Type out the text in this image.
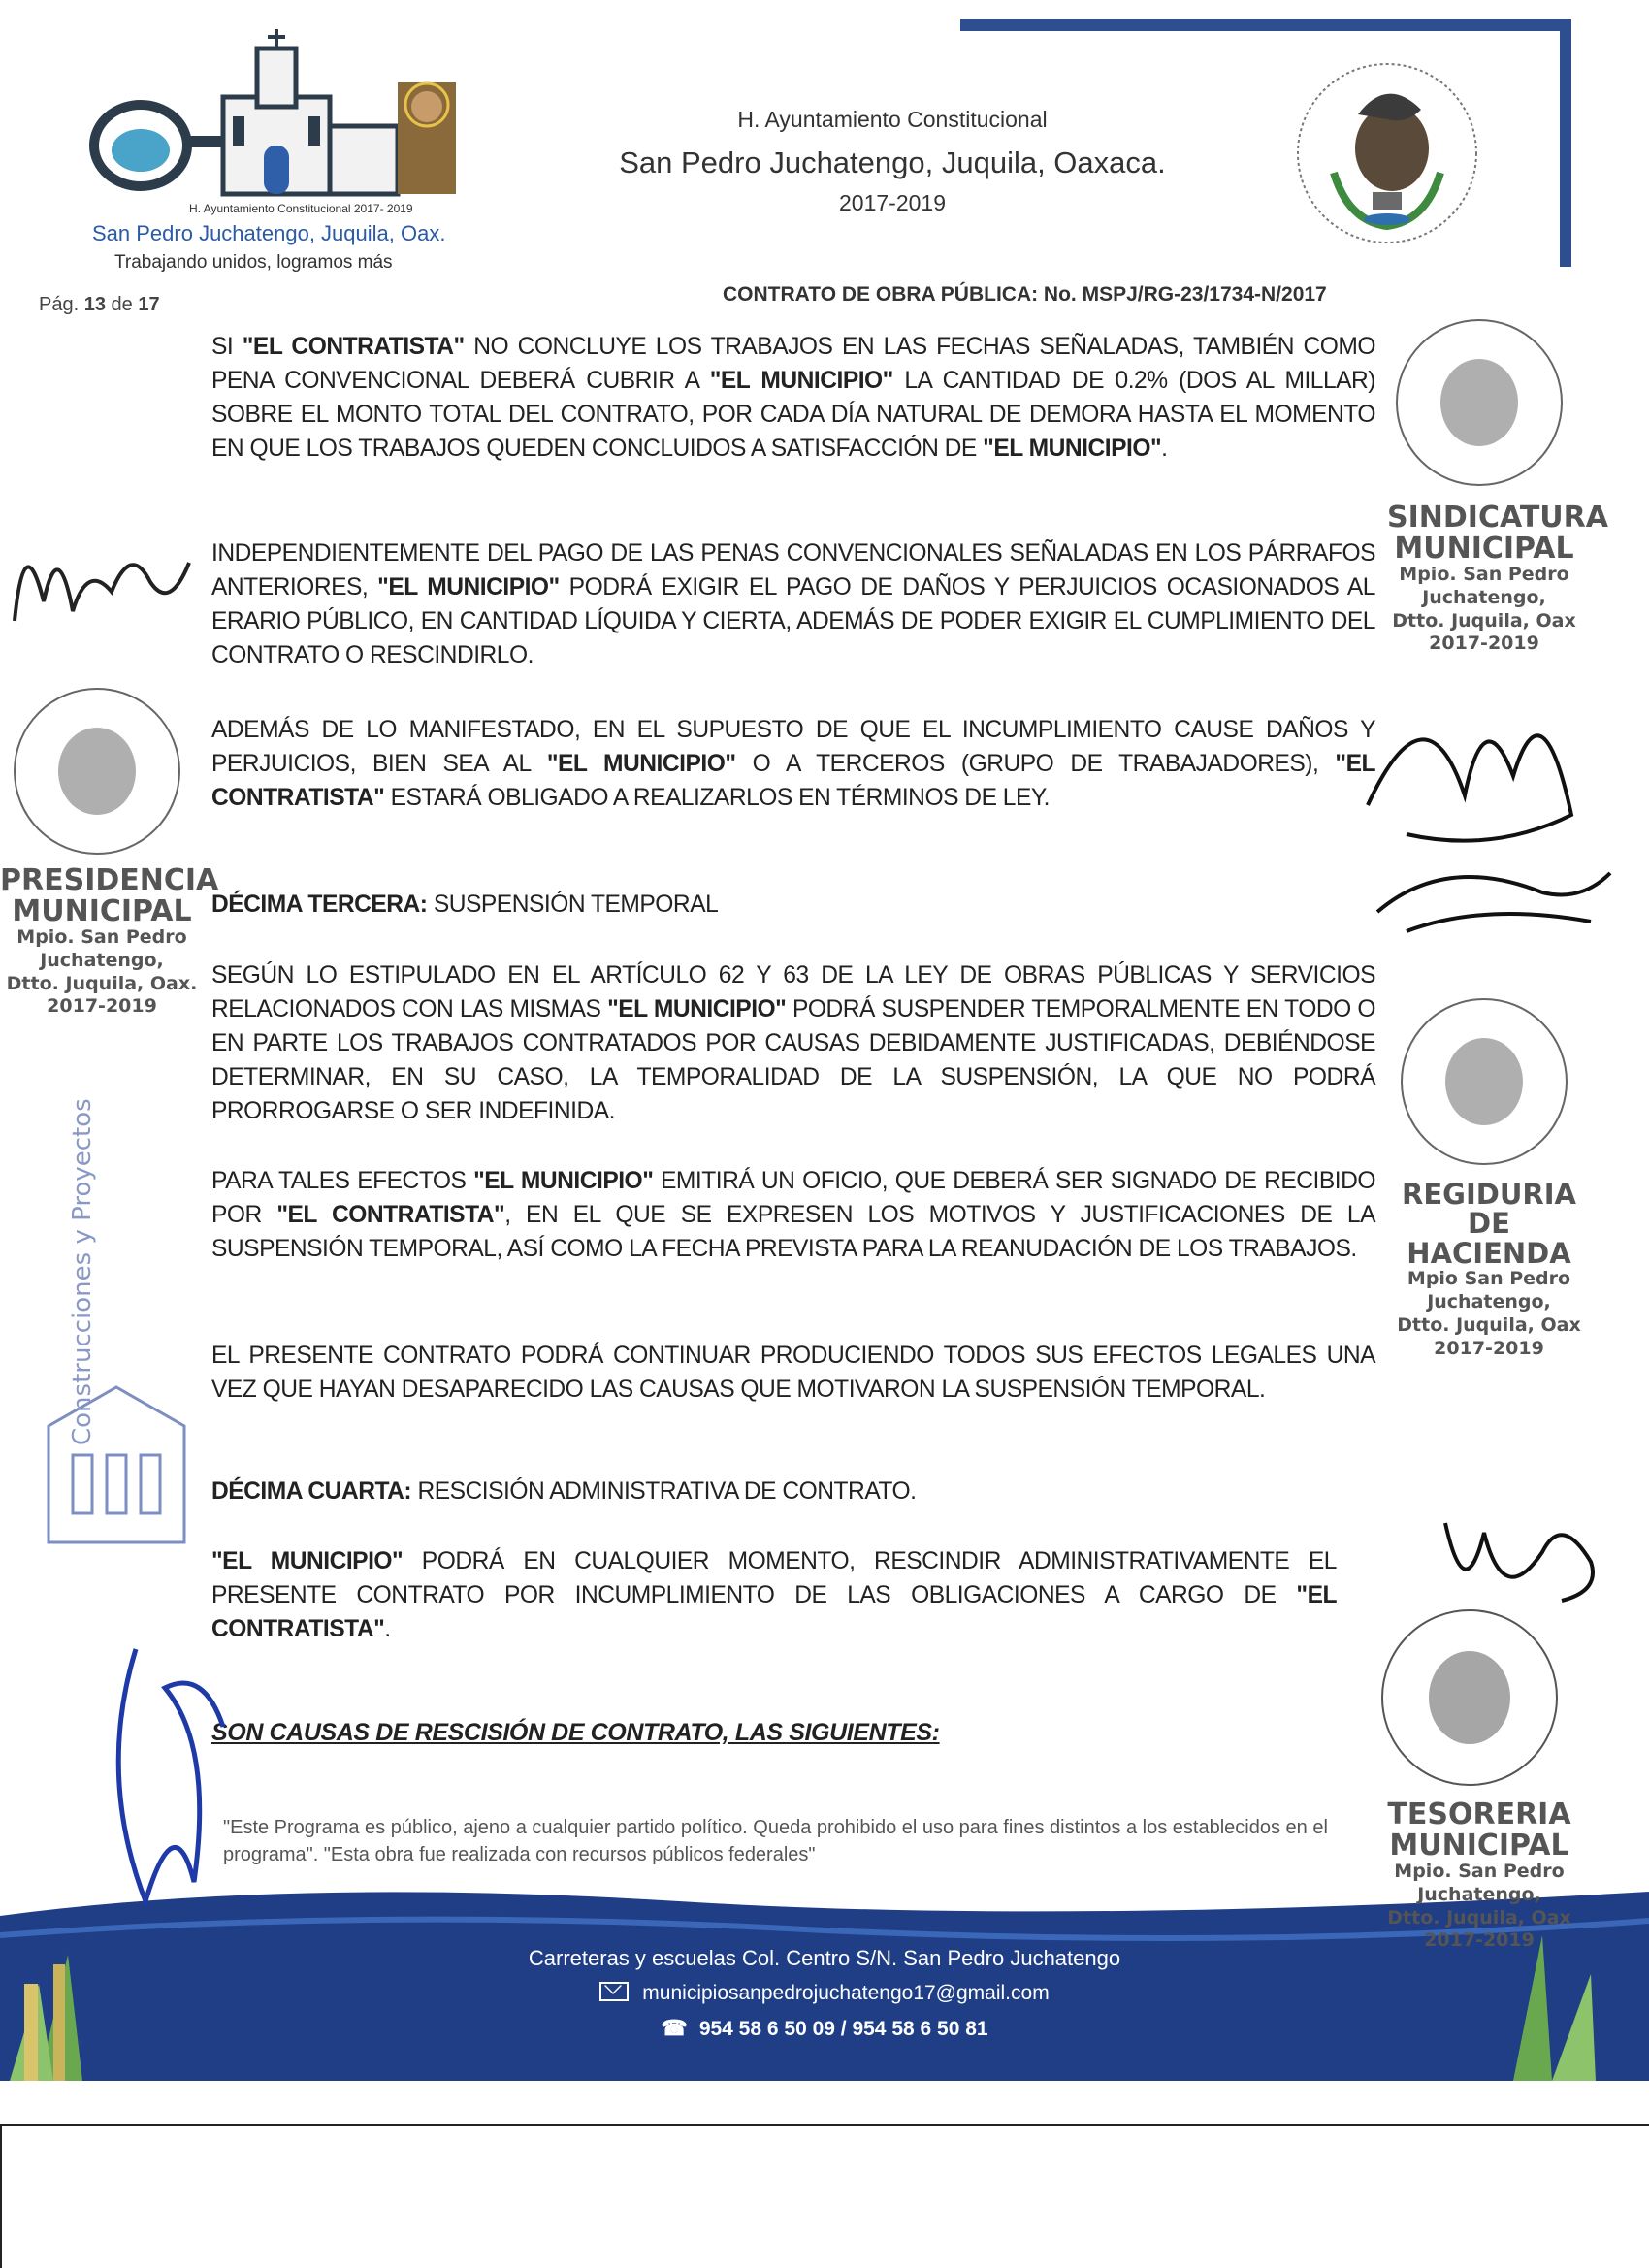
H. Ayuntamiento Constitucional 2017- 2019
San Pedro Juchatengo, Juquila, Oax.
Trabajando unidos, logramos más
H. Ayuntamiento Constitucional
San Pedro Juchatengo, Juquila, Oaxaca.
2017-2019
Pág. 13 de 17	CONTRATO DE OBRA PÚBLICA: No. MSPJ/RG-23/1734-N/2017
SI "EL CONTRATISTA" NO CONCLUYE LOS TRABAJOS EN LAS FECHAS SEÑALADAS, TAMBIÉN COMO PENA CONVENCIONAL DEBERÁ CUBRIR A "EL MUNICIPIO" LA CANTIDAD DE 0.2% (DOS AL MILLAR) SOBRE EL MONTO TOTAL DEL CONTRATO, POR CADA DÍA NATURAL DE DEMORA HASTA EL MOMENTO EN QUE LOS TRABAJOS QUEDEN CONCLUIDOS A SATISFACCIÓN DE "EL MUNICIPIO".
INDEPENDIENTEMENTE DEL PAGO DE LAS PENAS CONVENCIONALES SEÑALADAS EN LOS PÁRRAFOS ANTERIORES, "EL MUNICIPIO" PODRÁ EXIGIR EL PAGO DE DAÑOS Y PERJUICIOS OCASIONADOS AL ERARIO PÚBLICO, EN CANTIDAD LÍQUIDA Y CIERTA, ADEMÁS DE PODER EXIGIR EL CUMPLIMIENTO DEL CONTRATO O RESCINDIRLO.
ADEMÁS DE LO MANIFESTADO, EN EL SUPUESTO DE QUE EL INCUMPLIMIENTO CAUSE DAÑOS Y PERJUICIOS, BIEN SEA AL "EL MUNICIPIO" O A TERCEROS (GRUPO DE TRABAJADORES), "EL CONTRATISTA" ESTARÁ OBLIGADO A REALIZARLOS EN TÉRMINOS DE LEY.
DÉCIMA TERCERA: SUSPENSIÓN TEMPORAL
SEGÚN LO ESTIPULADO EN EL ARTÍCULO 62 Y 63 DE LA LEY DE OBRAS PÚBLICAS Y SERVICIOS RELACIONADOS CON LAS MISMAS "EL MUNICIPIO" PODRÁ SUSPENDER TEMPORALMENTE EN TODO O EN PARTE LOS TRABAJOS CONTRATADOS POR CAUSAS DEBIDAMENTE JUSTIFICADAS, DEBIÉNDOSE DETERMINAR, EN SU CASO, LA TEMPORALIDAD DE LA SUSPENSIÓN, LA QUE NO PODRÁ PRORROGARSE O SER INDEFINIDA.
PARA TALES EFECTOS "EL MUNICIPIO" EMITIRÁ UN OFICIO, QUE DEBERÁ SER SIGNADO DE RECIBIDO POR "EL CONTRATISTA", EN EL QUE SE EXPRESEN LOS MOTIVOS Y JUSTIFICACIONES DE LA SUSPENSIÓN TEMPORAL, ASÍ COMO LA FECHA PREVISTA PARA LA REANUDACIÓN DE LOS TRABAJOS.
EL PRESENTE CONTRATO PODRÁ CONTINUAR PRODUCIENDO TODOS SUS EFECTOS LEGALES UNA VEZ QUE HAYAN DESAPARECIDO LAS CAUSAS QUE MOTIVARON LA SUSPENSIÓN TEMPORAL.
DÉCIMA CUARTA: RESCISIÓN ADMINISTRATIVA DE CONTRATO.
"EL MUNICIPIO" PODRÁ EN CUALQUIER MOMENTO, RESCINDIR ADMINISTRATIVAMENTE EL PRESENTE CONTRATO POR INCUMPLIMIENTO DE LAS OBLIGACIONES A CARGO DE "EL CONTRATISTA".
SON CAUSAS DE RESCISIÓN DE CONTRATO, LAS SIGUIENTES:
"Este Programa es público, ajeno a cualquier partido político. Queda prohibido el uso para fines distintos a los establecidos en el programa". "Esta obra fue realizada con recursos públicos federales"
Carreteras y escuelas Col. Centro S/N. San Pedro Juchatengo
municipiosanpedrojuchatengo17@gmail.com
☎ 954 58 6 50 09 / 954 58 6 50 81
SINDICATURA
MUNICIPAL
Mpio. San Pedro
Juchatengo,
Dtto. Juquila, Oax
2017-2019
PRESIDENCIA
MUNICIPAL
Mpio. San Pedro
Juchatengo,
Dtto. Juquila, Oax.
2017-2019
REGIDURIA
DE HACIENDA
Mpio San Pedro
Juchatengo,
Dtto. Juquila, Oax
2017-2019
TESORERIA
MUNICIPAL
Mpio. San Pedro
Juchatengo,
Dtto. Juquila, Oax
2017-2019
Construcciones y Proyectos
